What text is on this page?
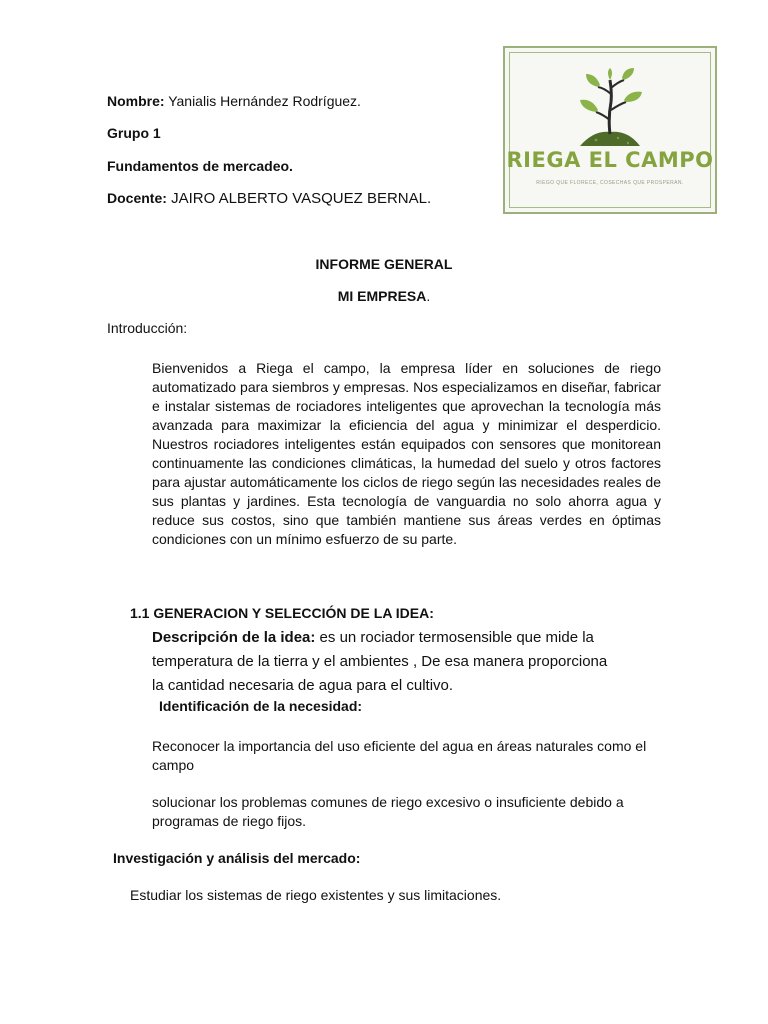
Nombre: Yanialis Hernández Rodríguez.
Grupo 1
Fundamentos de mercadeo.
Docente: JAIRO ALBERTO VASQUEZ BERNAL.
RIEGA EL CAMPO
RIEGO QUE FLORECE, COSECHAS QUE PROSPERAN.
INFORME GENERAL
MI EMPRESA.
Introducción:
Bienvenidos a Riega el campo, la empresa líder en soluciones de riego automatizado para siembros y empresas. Nos especializamos en diseñar, fabricar e instalar sistemas de rociadores inteligentes que aprovechan la tecnología más avanzada para maximizar la eficiencia del agua y minimizar el desperdicio. Nuestros rociadores inteligentes están equipados con sensores que monitorean continuamente las condiciones climáticas, la humedad del suelo y otros factores para ajustar automáticamente los ciclos de riego según las necesidades reales de sus plantas y jardines. Esta tecnología de vanguardia no solo ahorra agua y reduce sus costos, sino que también mantiene sus áreas verdes en óptimas condiciones con un mínimo esfuerzo de su parte.
1.1 GENERACION Y SELECCIÓN DE LA IDEA:
Descripción de la idea: es un rociador termosensible que mide la temperatura de la tierra y el ambientes , De esa manera proporciona la cantidad necesaria de agua para el cultivo.
Identificación de la necesidad:
Reconocer la importancia del uso eficiente del agua en áreas naturales como el campo
solucionar los problemas comunes de riego excesivo o insuficiente debido a programas de riego fijos.
Investigación y análisis del mercado:
Estudiar los sistemas de riego existentes y sus limitaciones.
